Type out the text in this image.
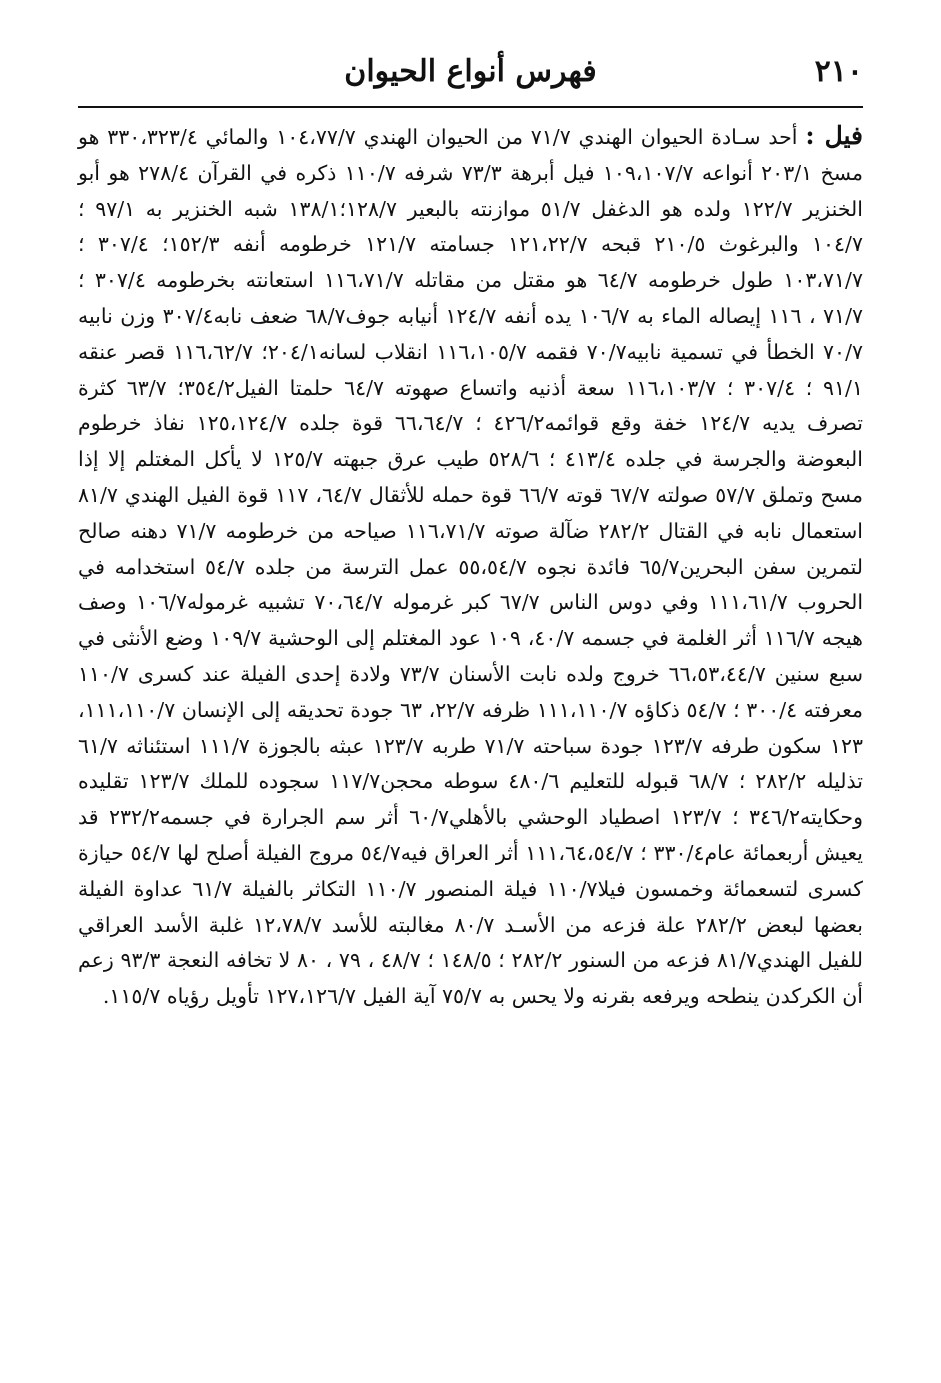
٢١٠
فهرس أنواع الحيوان
فيل : أحد سـادة الحيوان الهندي ٧١/٧ من الحيوان الهندي ١٠٤،٧٧/٧ والمائي ٣٣٠،٣٢٣/٤ هو مسخ ٢٠٣/١ أنواعه ١٠٩،١٠٧/٧ فيل أبرهة ٧٣/٣ شرفه ١١٠/٧ ذكره في القرآن ٢٧٨/٤ هو أبو الخنزير ١٢٢/٧ ولده هو الدغفل ٥١/٧ موازنته بالبعير ١٢٨/٧؛١٣٨/١ شبه الخنزير به ٩٧/١ ؛ ١٠٤/٧ والبرغوث ٢١٠/٥ قبحه ١٢١،٢٢/٧ جسامته ١٢١/٧ خرطومه أنفه ١٥٢/٣؛ ٣٠٧/٤ ؛ ١٠٣،٧١/٧ طول خرطومه ٦٤/٧ هو مقتل من مقاتله ١١٦،٧١/٧ استعانته بخرطومه ٣٠٧/٤ ؛ ٧١/٧ ، ١١٦ إيصاله الماء به ١٠٦/٧ يده أنفه ١٢٤/٧ أنيابه جوف٦٨/٧ ضعف نابه٣٠٧/٤ وزن نابيه ٧٠/٧ الخطأ في تسمية نابيه٧٠/٧ فقمه ١١٦،١٠٥/٧ انقلاب لسانه٢٠٤/١؛ ١١٦،٦٢/٧ قصر عنقه ٩١/١ ؛ ٣٠٧/٤ ؛ ١١٦،١٠٣/٧ سعة أذنيه واتساع صهوته ٦٤/٧ حلمتا الفيل٣٥٤/٢؛ ٦٣/٧ كثرة تصرف يديه ١٢٤/٧ خفة وقع قوائمه٤٢٦/٢ ؛ ٦٦،٦٤/٧ قوة جلده ١٢٥،١٢٤/٧ نفاذ خرطوم البعوضة والجرسة في جلده ٤١٣/٤ ؛ ٥٢٨/٦ طيب عرق جبهته ١٢٥/٧ لا يأكل المغتلم إلا إذا مسح وتملق ٥٧/٧ صولته ٦٧/٧ قوته ٦٦/٧ قوة حمله للأثقال ٦٤/٧، ١١٧ قوة الفيل الهندي ٨١/٧ استعمال نابه في القتال ٢٨٢/٢ ضآلة صوته ١١٦،٧١/٧ صياحه من خرطومه ٧١/٧ دهنه صالح لتمرين سفن البحرين٦٥/٧ فائدة نجوه ٥٥،٥٤/٧ عمل الترسة من جلده ٥٤/٧ استخدامه في الحروب ١١١،٦١/٧ وفي دوس الناس ٦٧/٧ كبر غرموله ٧٠،٦٤/٧ تشبيه غرموله١٠٦/٧ وصف هيجه ١١٦/٧ أثر الغلمة في جسمه ٤٠/٧، ١٠٩ عود المغتلم إلى الوحشية ١٠٩/٧ وضع الأنثى في سبع سنين ٦٦،٥٣،٤٤/٧ خروج ولده نابت الأسنان ٧٣/٧ ولادة إحدى الفيلة عند كسرى ١١٠/٧ معرفته ٣٠٠/٤ ؛ ٥٤/٧ ذكاؤه ١١١،١١٠/٧ ظرفه ٢٢/٧، ٦٣ جودة تحديقه إلى الإنسان ١١١،١١٠/٧، ١٢٣ سكون طرفه ١٢٣/٧ جودة سباحته ٧١/٧ طربه ١٢٣/٧ عبثه بالجوزة ١١١/٧ استئناثه ٦١/٧ تذليله ٢٨٢/٢ ؛ ٦٨/٧ قبوله للتعليم ٤٨٠/٦ سوطه محجن١١٧/٧ سجوده للملك ١٢٣/٧ تقليده وحكايته٣٤٦/٢ ؛ ١٢٣/٧ اصطياد الوحشي بالأهلي٦٠/٧ أثر سم الجرارة في جسمه٢٣٢/٢ قد يعيش أربعمائة عام٣٣٠/٤ ؛ ١١١،٦٤،٥٤/٧ أثر العراق فيه٥٤/٧ مروج الفيلة أصلح لها ٥٤/٧ حيازة كسرى لتسعمائة وخمسون فيلا١١٠/٧ فيلة المنصور ١١٠/٧ التكاثر بالفيلة ٦١/٧ عداوة الفيلة بعضها لبعض ٢٨٢/٢ علة فزعه من الأسـد ٨٠/٧ مغالبته للأسد ١٢،٧٨/٧ غلبة الأسد العراقي للفيل الهندي٨١/٧ فزعه من السنور ٢٨٢/٢ ؛ ١٤٨/٥ ؛ ٤٨/٧ ، ٧٩ ، ٨٠ لا تخافه النعجة ٩٣/٣ زعم أن الكركدن ينطحه ويرفعه بقرنه ولا يحس به ٧٥/٧ آية الفيل ١٢٧،١٢٦/٧ تأويل رؤياه ١١٥/٧.
